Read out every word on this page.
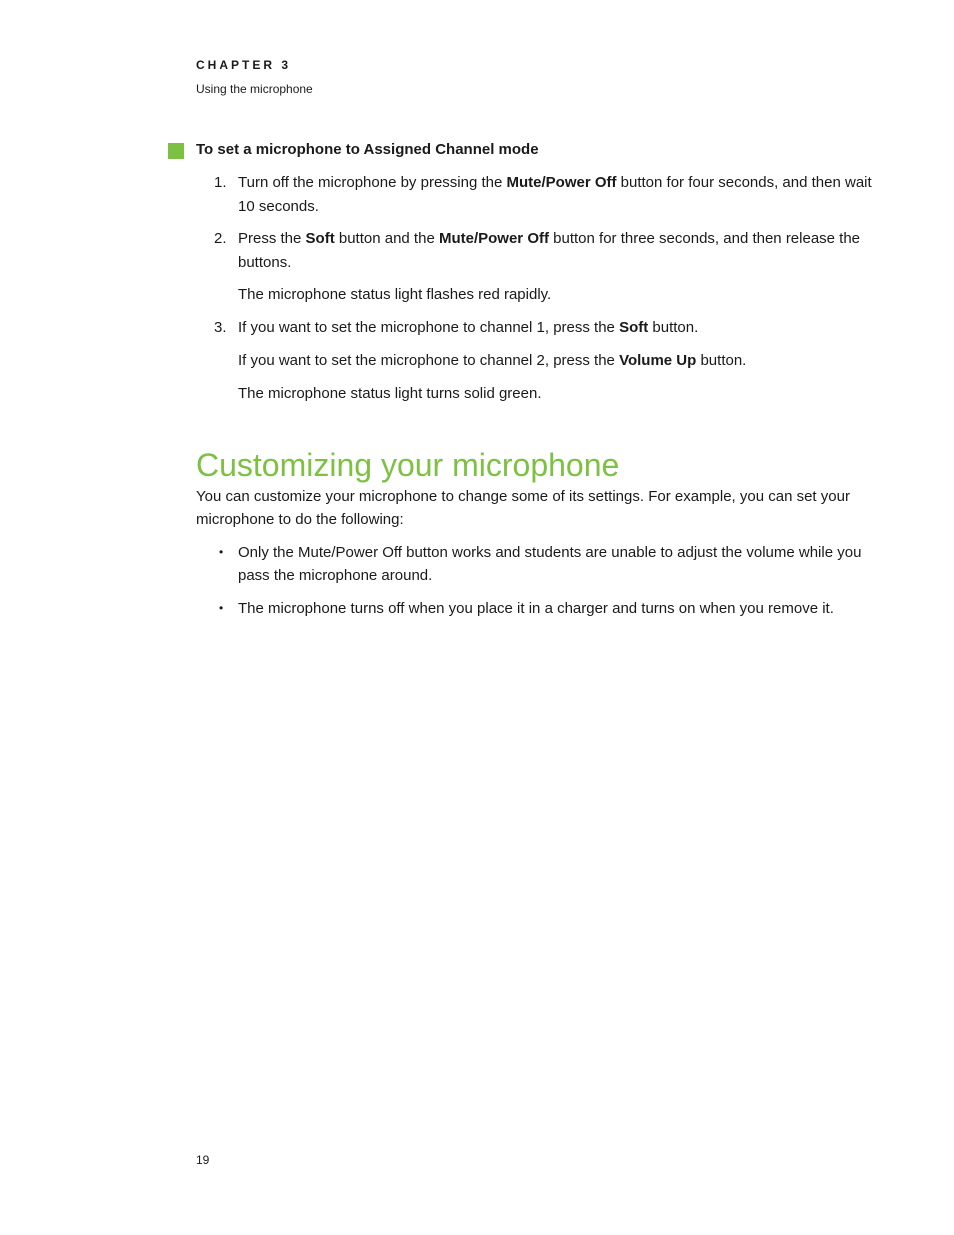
CHAPTER 3
Using the microphone
To set a microphone to Assigned Channel mode
1. Turn off the microphone by pressing the Mute/Power Off button for four seconds, and then wait
10 seconds.
2. Press the Soft button and the Mute/Power Off button for three seconds, and then release the
buttons.
The microphone status light flashes red rapidly.
3. If you want to set the microphone to channel 1, press the Soft button.
If you want to set the microphone to channel 2, press the Volume Up button.
The microphone status light turns solid green.
Customizing your microphone
You can customize your microphone to change some of its settings. For example, you can set your
microphone to do the following:
• Only the Mute/Power Off button works and students are unable to adjust the volume while you
pass the microphone around.
• The microphone turns off when you place it in a charger and turns on when you remove it.
19
